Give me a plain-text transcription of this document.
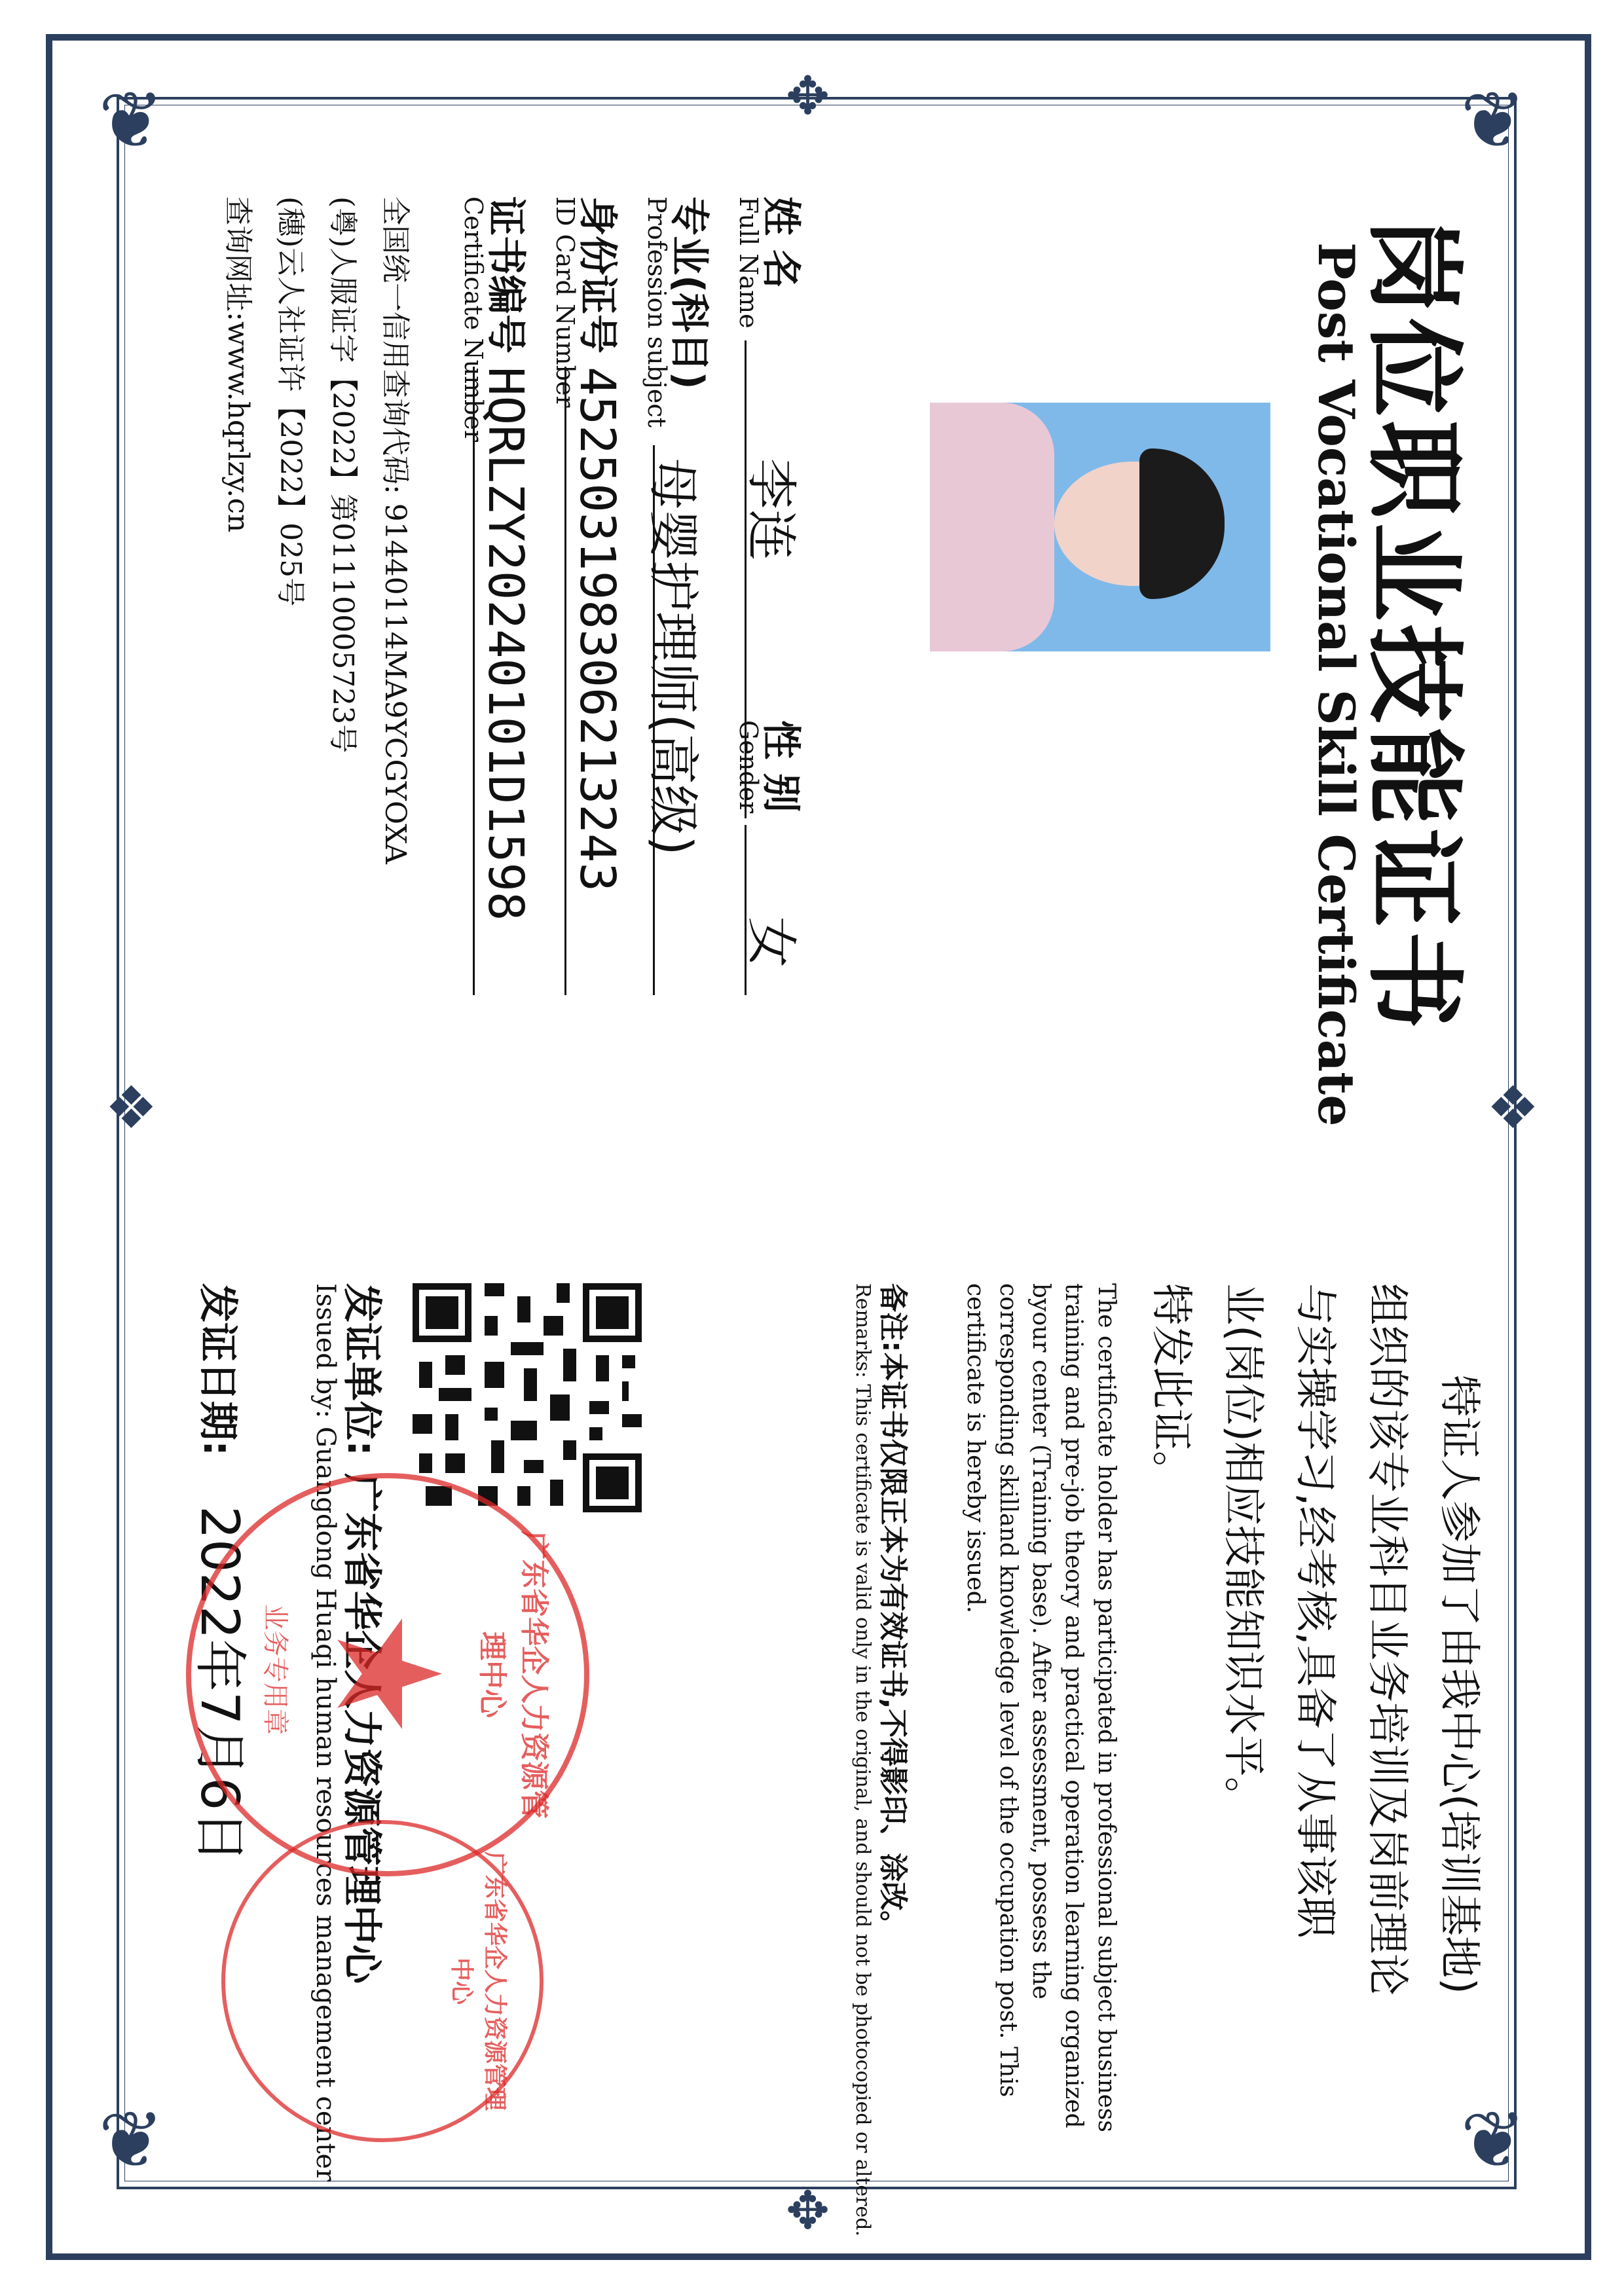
❦	❦
❦	❦
❖	❖
✥
✥
岗位职业技能证书
Post Vocational Skill Certificate
姓 名
Full Name
李连
性 别
Gender
女
专业(科目)
Profession subject
母婴护理师(高级)
身份证号
ID Card Number
452503198306213243
证书编号
Certificate Number
HQRLZY20240101D1598
全国统一信用查询代码: 91440114MA9YCGYOXA
(粤)人服证字【2022】第01110005723号
(穗)云人社证许【2022】025号
查询网址:www.hqrlzy.cn
特证人参加了由我中心(培训基地)
组织的该专业科目业务培训及岗前理论
与实操学习,经考核,具备了从事该职
业(岗位)相应技能知识水平。
特发此证。
The certificate holder has participated in professional subject business
training and pre-job theory and practical operation learning organized
byour center (Training base). After assessment, possess the
corresponding skilland knowledge level of the occupation post. This
certificate is hereby issued.
备注:本证书仅限正本为有效证书,不得影印、涂改。
Remarks: This certificate is valid only in the original, and should not be photocopied or altered.
发证单位:
广东省华企人力资源管理中心
Issued by: Guangdong Huaqi human resources management center
发证日期:
2022年7月6日 ★	广东省华企人力资源管理中心
业务专用章
广东省华企人力资源管理中心
